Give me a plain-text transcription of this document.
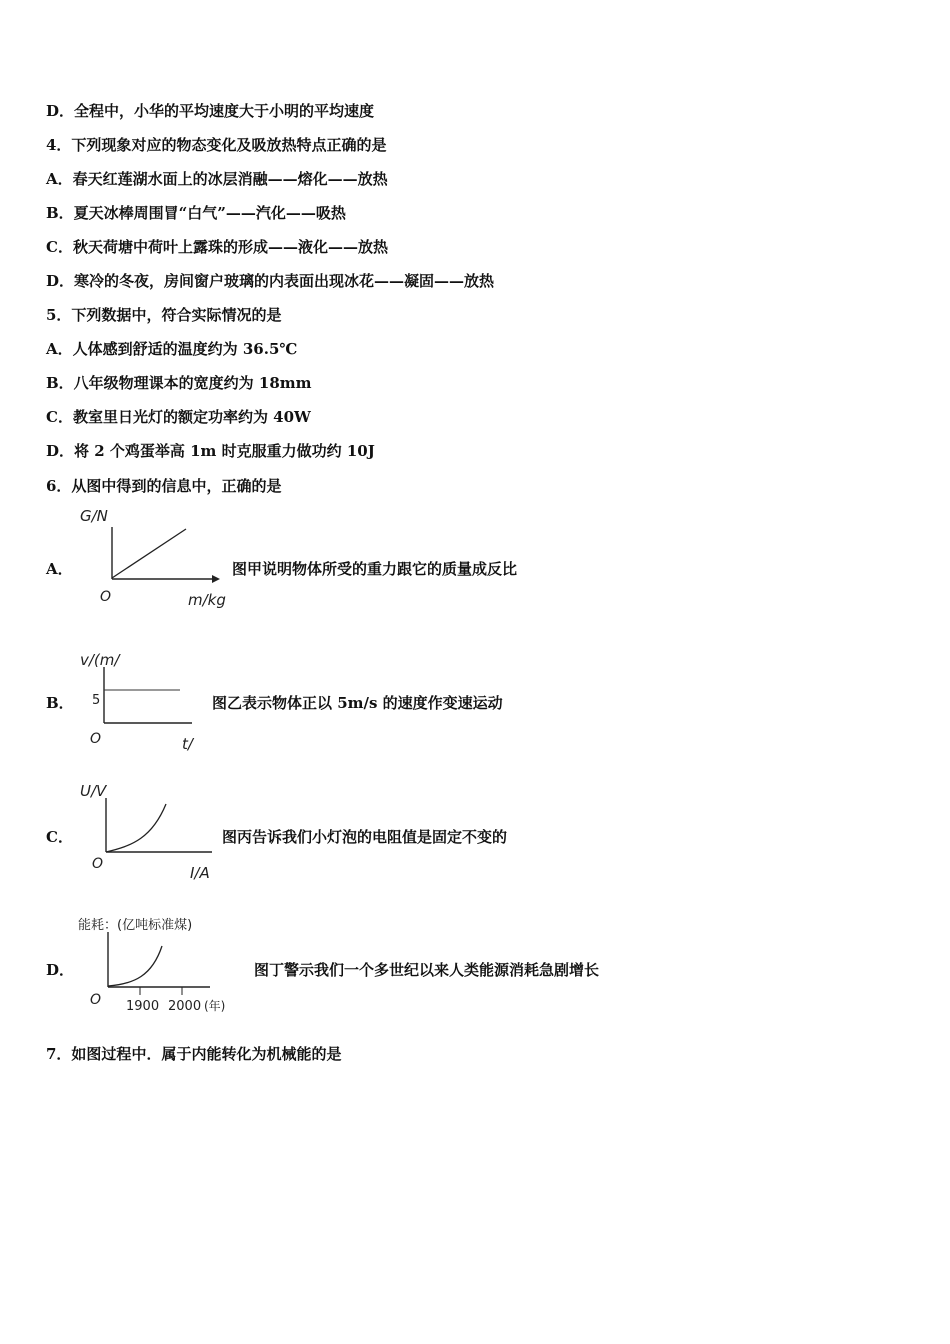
D．全程中，小华的平均速度大于小明的平均速度
4．下列现象对应的物态变化及吸放热特点正确的是
A．春天红莲湖水面上的冰层消融——熔化——放热
B．夏天冰棒周围冒“白气”——汽化——吸热
C．秋天荷塘中荷叶上露珠的形成——液化——放热
D．寒冷的冬夜，房间窗户玻璃的内表面出现冰花——凝固——放热
5．下列数据中，符合实际情况的是
A．人体感到舒适的温度约为 36.5℃
B．八年级物理课本的宽度约为 18mm
C．教室里日光灯的额定功率约为 40W
D．将 2 个鸡蛋举高 1m 时克服重力做功约 10J
6．从图中得到的信息中，正确的是
A．
G/N
O	m/kg
图甲说明物体所受的重力跟它的质量成反比
B．
v/(m/
5
O	t/
图乙表示物体正以 5m/s 的速度作变速运动
C．
U/V
O	I/A
图丙告诉我们小灯泡的电阻值是固定不变的
D．
能耗：(亿吨标准煤)
O 1900 2000 (年)
图丁警示我们一个多世纪以来人类能源消耗急剧增长
7．如图过程中．属于内能转化为机械能的是
